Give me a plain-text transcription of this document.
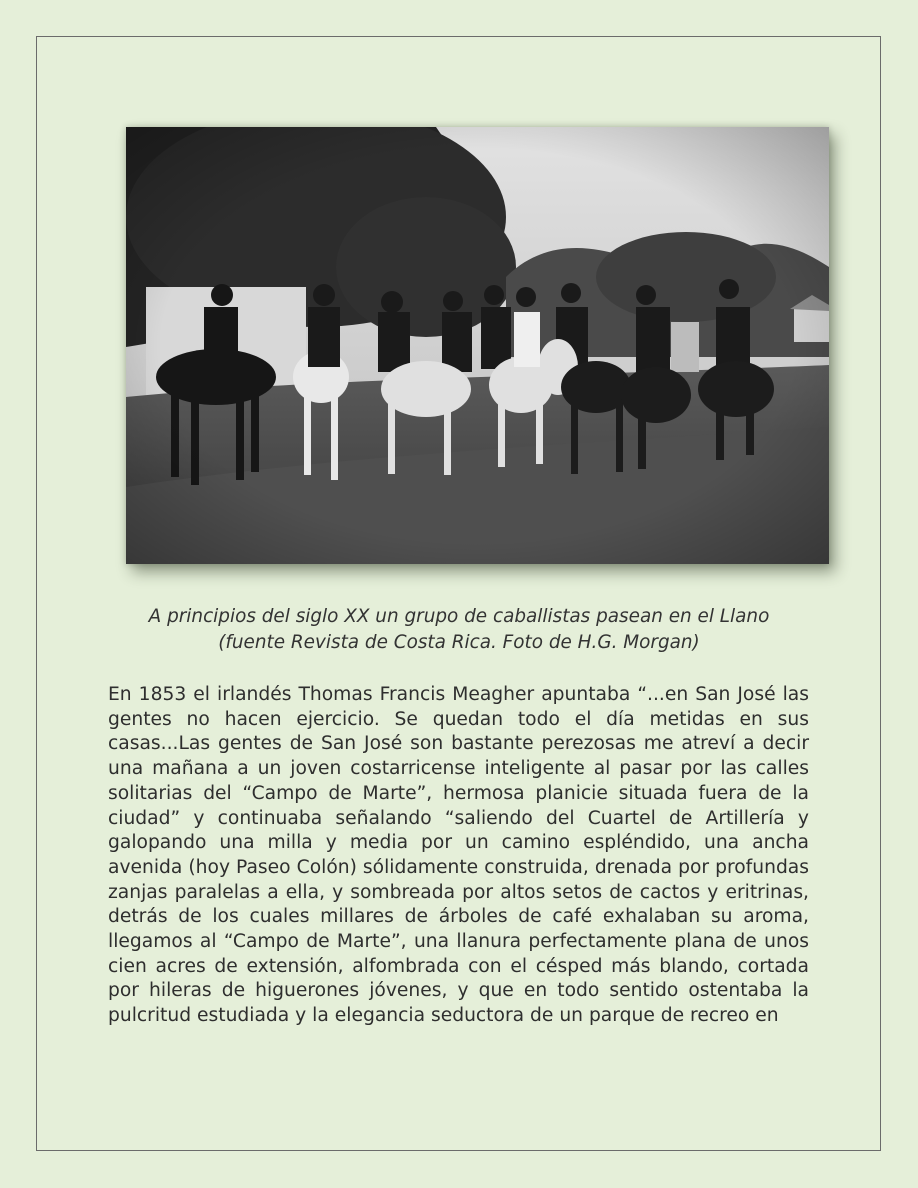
A principios del siglo XX un grupo de caballistas pasean en el Llano

(fuente Revista de Costa Rica. Foto de H.G. Morgan)

En 1853 el irlandés Thomas Francis Meagher apuntaba “...en San José las gentes no hacen ejercicio. Se quedan todo el día metidas en sus casas...Las gentes de San José son bastante perezosas me atreví a decir una mañana a un joven costarricense inteligente al pasar por las calles solitarias del “Campo de Marte”, hermosa planicie situada fuera de la ciudad” y continuaba señalando “saliendo del Cuartel de Artillería y galopando una milla y media por un camino espléndido, una ancha avenida (hoy Paseo Colón) sólidamente construida, drenada por profundas zanjas paralelas a ella, y sombreada por altos setos de cactos y eritrinas, detrás de los cuales millares de árboles de café exhalaban su aroma, llegamos al “Campo de Marte”, una llanura perfectamente plana de unos cien acres de extensión, alfombrada con el césped más blando, cortada por hileras de higuerones jóvenes, y que en todo sentido ostentaba la pulcritud estudiada y la elegancia seductora de un parque de recreo en
